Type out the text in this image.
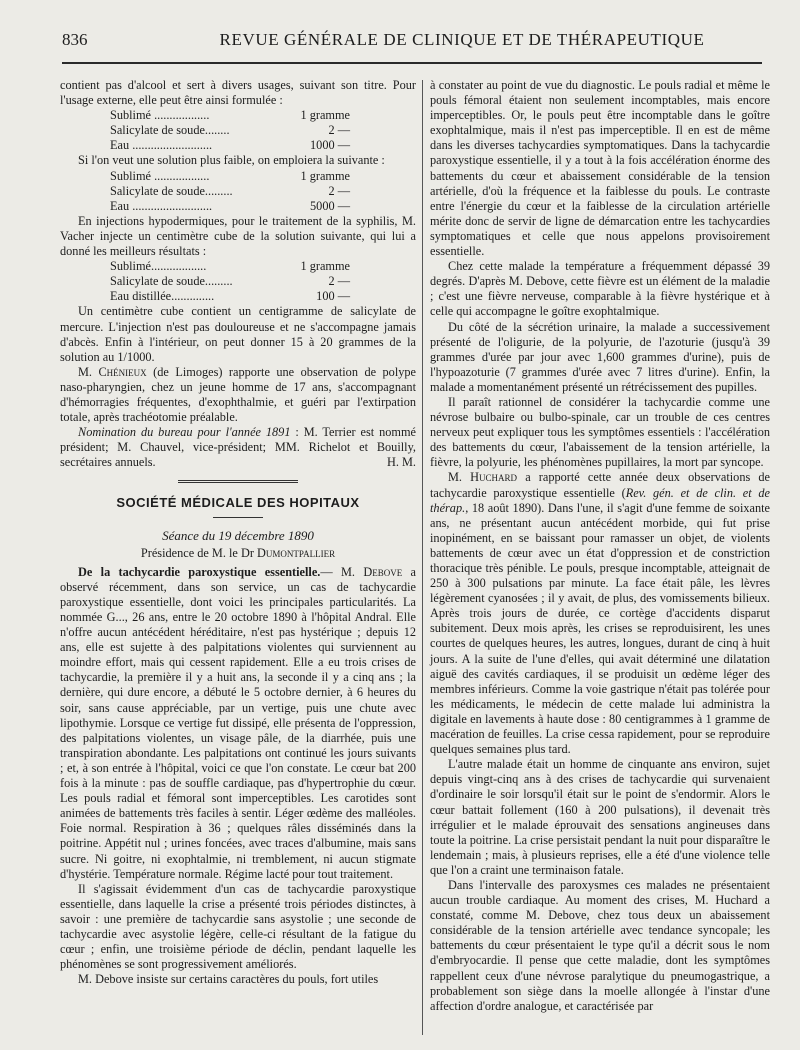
836	REVUE GÉNÉRALE DE CLINIQUE ET DE THÉRAPEUTIQUE

contient pas d'alcool et sert à divers usages, suivant son titre. Pour l'usage externe, elle peut être ainsi formulée :

Sublimé ..................	1 gramme
Salicylate de soude........	2 —
Eau ..........................	1000 —

Si l'on veut une solution plus faible, on emploiera la suivante :

Sublimé ..................	1 gramme
Salicylate de soude.........	2 —
Eau ..........................	5000 —

En injections hypodermiques, pour le traitement de la syphilis, M. Vacher injecte un centimètre cube de la solution suivante, qui lui a donné les meilleurs résultats :

Sublimé..................	1 gramme
Salicylate de soude.........	2 —
Eau distillée..............	100 —

Un centimètre cube contient un centigramme de salicylate de mercure. L'injection n'est pas douloureuse et ne s'accompagne jamais d'abcès. Enfin à l'intérieur, on peut donner 15 à 20 grammes de la solution au 1/1000.

M. Chénieux (de Limoges) rapporte une observation de polype naso-pharyngien, chez un jeune homme de 17 ans, s'accompagnant d'hémorragies fréquentes, d'exophthalmie, et guéri par l'extirpation totale, après trachéotomie préalable.

Nomination du bureau pour l'année 1891 : M. Terrier est nommé président; M. Chauvel, vice-président; MM. Richelot et Bouilly, secrétaires annuels.	H. M.

SOCIÉTÉ MÉDICALE DES HOPITAUX
Séance du 19 décembre 1890
Présidence de M. le Dr Dumontpallier

De la tachycardie paroxystique essentielle.— M. Debove a observé récemment, dans son service, un cas de tachycardie paroxystique essentielle, dont voici les principales particularités. La nommée G..., 26 ans, entre le 20 octobre 1890 à l'hôpital Andral. Elle n'offre aucun antécédent héréditaire, n'est pas hystérique ; depuis 12 ans, elle est sujette à des palpitations violentes qui surviennent au moindre effort, mais qui cessent rapidement. Elle a eu trois crises de tachycardie, la première il y a huit ans, la seconde il y a cinq ans ; la dernière, qui dure encore, a débuté le 5 octobre dernier, à 6 heures du soir, sans cause appréciable, par un vertige, puis une chute avec lipothymie. Lorsque ce vertige fut dissipé, elle présenta de l'oppression, des palpitations violentes, un visage pâle, de la diarrhée, puis une transpiration abondante. Les palpitations ont continué les jours suivants ; et, à son entrée à l'hôpital, voici ce que l'on constate. Le cœur bat 200 fois à la minute : pas de souffle cardiaque, pas d'hypertrophie du cœur. Les pouls radial et fémoral sont imperceptibles. Les carotides sont animées de battements très faciles à sentir. Léger œdème des malléoles. Foie normal. Respiration à 36 ; quelques râles disséminés dans la poitrine. Appétit nul ; urines foncées, avec traces d'albumine, mais sans sucre. Ni goitre, ni exophtalmie, ni tremblement, ni aucun stigmate d'hystérie. Température normale. Régime lacté pour tout traitement.

Il s'agissait évidemment d'un cas de tachycardie paroxystique essentielle, dans laquelle la crise a présenté trois périodes distinctes, à savoir : une première de tachycardie sans asystolie ; une seconde de tachycardie avec asystolie légère, celle-ci résultant de la fatigue du cœur ; enfin, une troisième période de déclin, pendant laquelle les phénomènes se sont progressivement améliorés.

M. Debove insiste sur certains caractères du pouls, fort utiles

à constater au point de vue du diagnostic. Le pouls radial et même le pouls fémoral étaient non seulement incomptables, mais encore imperceptibles. Or, le pouls peut être incomptable dans le goître exophtalmique, mais il n'est pas imperceptible. Il en est de même dans les diverses tachycardies symptomatiques. Dans la tachycardie paroxystique essentielle, il y a tout à la fois accélération énorme des battements du cœur et abaissement considérable de la tension artérielle, d'où la fréquence et la faiblesse du pouls. Le contraste entre l'énergie du cœur et la faiblesse de la circulation artérielle mérite donc de servir de ligne de démarcation entre les tachycardies symptomatiques et celle que nous appelons provisoirement essentielle.

Chez cette malade la température a fréquemment dépassé 39 degrés. D'après M. Debove, cette fièvre est un élément de la maladie ; c'est une fièvre nerveuse, comparable à la fièvre hystérique et à celle qui accompagne le goître exophtalmique.

Du côté de la sécrétion urinaire, la malade a successivement présenté de l'oligurie, de la polyurie, de l'azoturie (jusqu'à 39 grammes d'urée par jour avec 1,600 grammes d'urine), puis de l'hypoazoturie (7 grammes d'urée avec 7 litres d'urine). Enfin, la malade a momentanément présenté un rétrécissement des pupilles.

Il paraît rationnel de considérer la tachycardie comme une névrose bulbaire ou bulbo-spinale, car un trouble de ces centres nerveux peut expliquer tous les symptômes essentiels : l'accélération des battements du cœur, l'abaissement de la tension artérielle, la fièvre, la polyurie, les phénomènes pupillaires, la mort par syncope.

M. Huchard a rapporté cette année deux observations de tachycardie paroxystique essentielle (Rev. gén. et de clin. et de thérap., 18 août 1890). Dans l'une, il s'agit d'une femme de soixante ans, ne présentant aucun antécédent morbide, qui fut prise inopinément, en se baissant pour ramasser un objet, de violents battements de cœur avec un état d'oppression et de constriction thoracique très pénible. Le pouls, presque incomptable, atteignait de 250 à 300 pulsations par minute. La face était pâle, les lèvres légèrement cyanosées ; il y avait, de plus, des vomissements bilieux. Après trois jours de durée, ce cortège d'accidents disparut subitement. Deux mois après, les crises se reproduisirent, les unes courtes de quelques heures, les autres, longues, durant de cinq à huit jours. A la suite de l'une d'elles, qui avait déterminé une dilatation aiguë des cavités cardiaques, il se produisit un œdème léger des membres inférieurs. Comme la voie gastrique n'était pas tolérée pour les médicaments, le médecin de cette malade lui administra la digitale en lavements à haute dose : 80 centigrammes à 1 gramme de macération de feuilles. La crise cessa rapidement, pour se reproduire quelques semaines plus tard.

L'autre malade était un homme de cinquante ans environ, sujet depuis vingt-cinq ans à des crises de tachycardie qui survenaient d'ordinaire le soir lorsqu'il était sur le point de s'endormir. Alors le cœur battait follement (160 à 200 pulsations), il devenait très irrégulier et le malade éprouvait des sensations angineuses dans toute la poitrine. La crise persistait pendant la nuit pour disparaître le lendemain ; mais, à plusieurs reprises, elle a été d'une violence telle que l'on a craint une terminaison fatale.

Dans l'intervalle des paroxysmes ces malades ne présentaient aucun trouble cardiaque. Au moment des crises, M. Huchard a constaté, comme M. Debove, chez tous deux un abaissement considérable de la tension artérielle avec tendance syncopale; les battements du cœur présentaient le type qu'il a décrit sous le nom d'embryocardie. Il pense que cette maladie, dont les symptômes rappellent ceux d'une névrose paralytique du pneumogastrique, a probablement son siège dans la moelle allongée à l'instar d'une affection d'ordre analogue, et caractérisée par
